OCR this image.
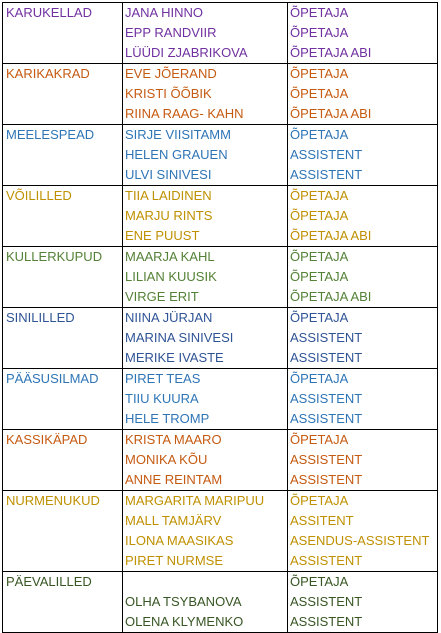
KARUKELLAD	JANA HINNO	ÕPETAJA
	EPP RANDVIIR	ÕPETAJA
	LÜÜDI ZJABRIKOVA	ÕPETAJA ABI
KARIKAKRAD	EVE JÕERAND	ÕPETAJA
	KRISTI ÕÕBIK	ÕPETAJA
	RIINA RAAG- KAHN	ÕPETAJA ABI
MEELESPEAD	SIRJE VIISITAMM	ÕPETAJA
	HELEN GRAUEN	ASSISTENT
	ULVI SINIVESI	ASSISTENT
VÕILILLED	TIIA LAIDINEN	ÕPETAJA
	MARJU RINTS	ÕPETAJA
	ENE PUUST	ÕPETAJA ABI
KULLERKUPUD	MAARJA KAHL	ÕPETAJA
	LILIAN KUUSIK	ÕPETAJA
	VIRGE ERIT	ÕPETAJA ABI
SINILILLED	NIINA JÜRJAN	ÕPETAJA
	MARINA SINIVESI	ASSISTENT
	MERIKE IVASTE	ASSISTENT
PÄÄSUSILMAD	PIRET TEAS	ÕPETAJA
	TIIU KUURA	ASSISTENT
	HELE TROMP	ASSISTENT
KASSIKÄPAD	KRISTA MAARO	ÕPETAJA
	MONIKA KÕU	ASSISTENT
	ANNE REINTAM	ASSISTENT
NURMENUKUD	MARGARITA MARIPUU	ÕPETAJA
	MALL TAMJÄRV	ASSITENT
	ILONA MAASIKAS	ASENDUS-ASSISTENT
	PIRET NURMSE	ASSISTENT
PÄEVALILLED		ÕPETAJA
	OLHA TSYBANOVA	ASSISTENT
	OLENA KLYMENKO	ASSISTENT
